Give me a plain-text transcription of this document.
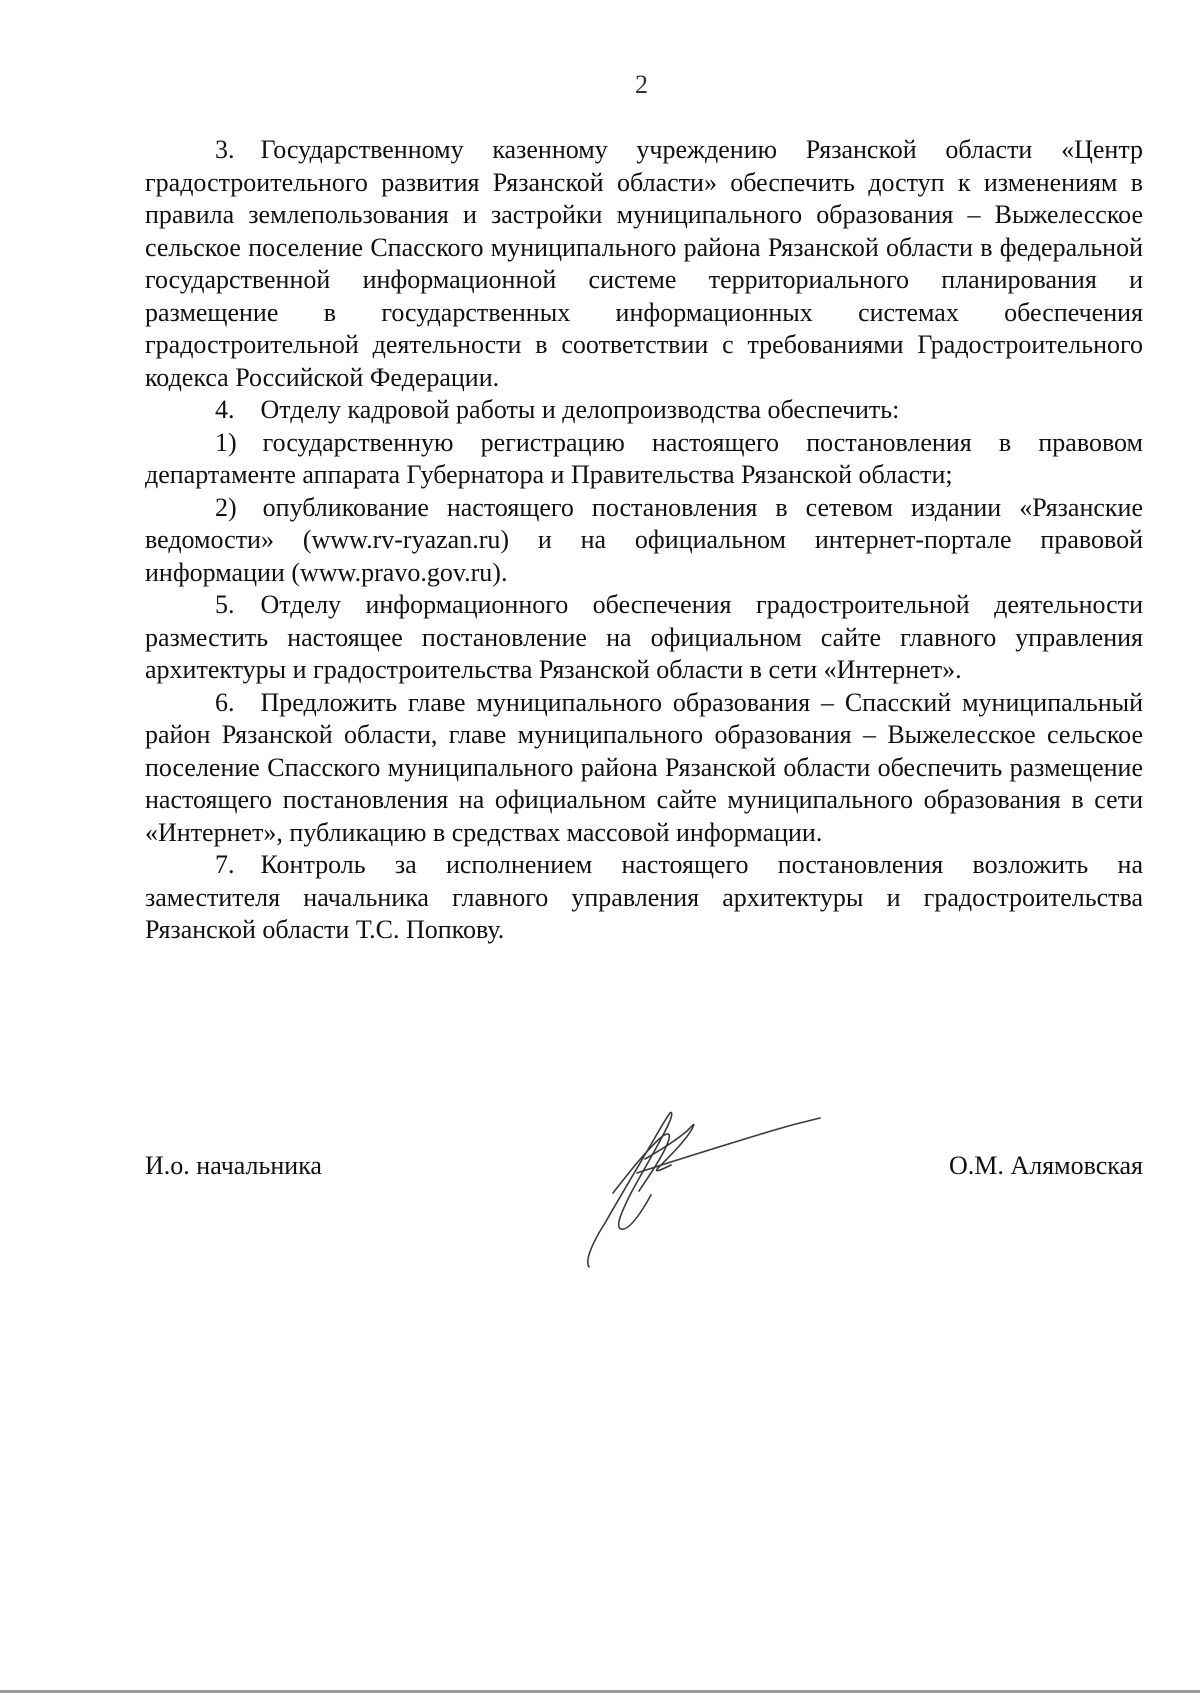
2

3. Государственному казенному учреждению Рязанской области «Центр градостроительного развития Рязанской области» обеспечить доступ к изменениям в правила землепользования и застройки муниципального образования – Выжелесское сельское поселение Спасского муниципального района Рязанской области в федеральной государственной информационной системе территориального планирования и размещение в государственных информационных системах обеспечения градостроительной деятельности в соответствии с требованиями Градостроительного кодекса Российской Федерации.

4. Отделу кадровой работы и делопроизводства обеспечить:

1) государственную регистрацию настоящего постановления в правовом департаменте аппарата Губернатора и Правительства Рязанской области;

2) опубликование настоящего постановления в сетевом издании «Рязанские ведомости» (www.rv-ryazan.ru) и на официальном интернет-портале правовой информации (www.pravo.gov.ru).

5. Отделу информационного обеспечения градостроительной деятельности разместить настоящее постановление на официальном сайте главного управления архитектуры и градостроительства Рязанской области в сети «Интернет».

6. Предложить главе муниципального образования – Спасский муниципальный район Рязанской области, главе муниципального образования – Выжелесское сельское поселение Спасского муниципального района Рязанской области обеспечить размещение настоящего постановления на официальном сайте муниципального образования в сети «Интернет», публикацию в средствах массовой информации.

7. Контроль за исполнением настоящего постановления возложить на заместителя начальника главного управления архитектуры и градостроительства Рязанской области Т.С. Попкову.

И.о. начальника	О.М. Алямовская
